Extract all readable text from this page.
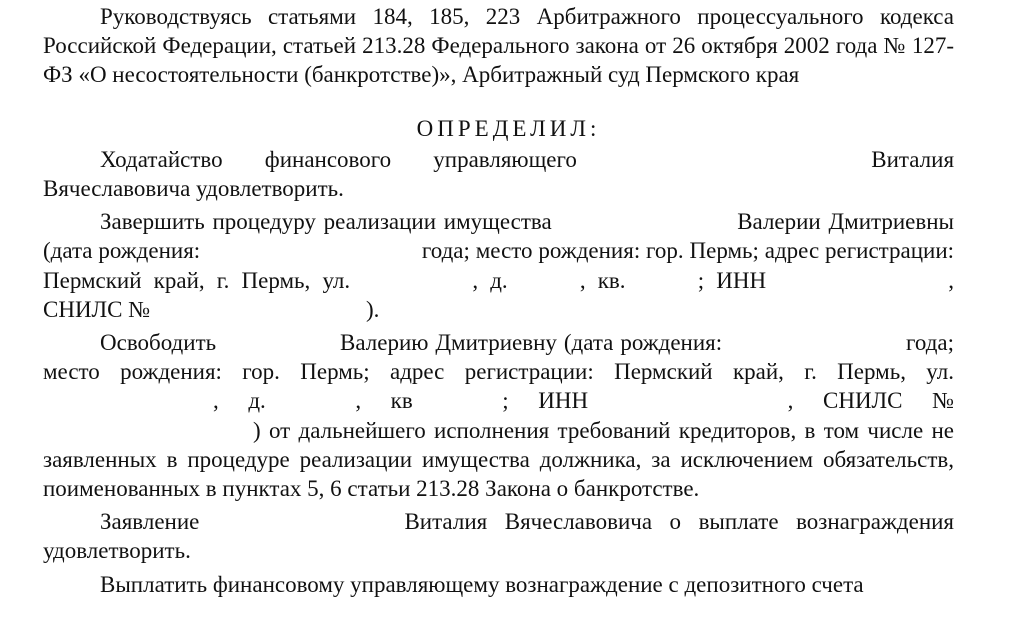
Руководствуясь статьями 184, 185, 223 Арбитражного процессуального кодекса Российской Федерации, статьей 213.28 Федерального закона от 26 октября 2002 года № 127-ФЗ «О несостоятельности (банкротстве)», Арбитражный суд Пермского края

ОПРЕДЕЛИЛ:

Ходатайство финансового управляющего	Виталия Вячеславовича удовлетворить.

Завершить процедуру реализации имущества	Валерии Дмитриевны (дата рождения:	года; место рождения: гор. Пермь; адрес регистрации: Пермский край, г. Пермь, ул.	, д.	, кв.	; ИНН	, СНИЛС №	).

Освободить	Валерию Дмитриевну (дата рождения:	года; место рождения: гор. Пермь; адрес регистрации: Пермский край, г. Пермь, ул. , д.	, кв	; ИНН	, СНИЛС № ) от дальнейшего исполнения требований кредиторов, в том числе не заявленных в процедуре реализации имущества должника, за исключением обязательств, поименованных в пунктах 5, 6 статьи 213.28 Закона о банкротстве.

Заявление	Виталия Вячеславовича о выплате вознаграждения удовлетворить.

Выплатить финансовому управляющему вознаграждение с депозитного счета
